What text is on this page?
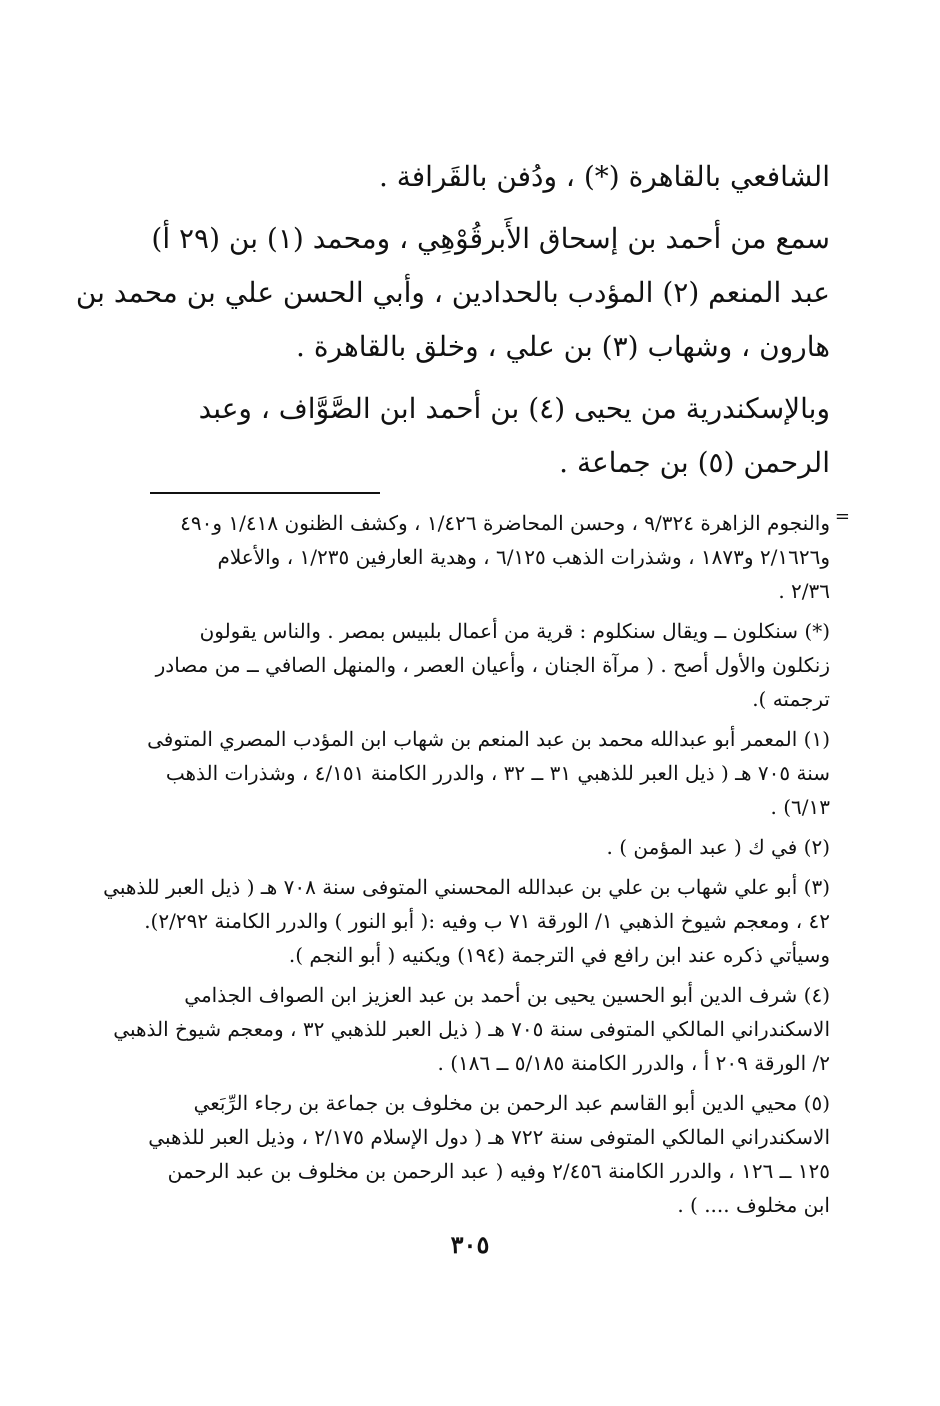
الشافعي بالقاهرة (*) ، ودُفن بالقَرافة .

سمع من أحمد بن إسحاق الأَبرقُوْهِي ، ومحمد (١) بن (٢٩ أ)

عبد المنعم (٢) المؤدب بالحدادين ، وأبي الحسن علي بن محمد بن

هارون ، وشهاب (٣) بن علي ، وخلق بالقاهرة .

وبالإسكندرية من يحيى (٤) بن أحمد ابن الصَّوَّاف ، وعبد

الرحمن (٥) بن جماعة .

=

والنجوم الزاهرة ٩/٣٢٤ ، وحسن المحاضرة ١/٤٢٦ ، وكشف الظنون ١/٤١٨ و٤٩٠

و٢/١٦٢٦ و١٨٧٣ ، وشذرات الذهب ٦/١٢٥ ، وهدية العارفين ١/٢٣٥ ، والأعلام

٢/٣٦ .

(*) سنكلون ــ ويقال سنكلوم : قرية من أعمال بلبيس بمصر . والناس يقولون

زنكلون والأول أصح . ( مرآة الجنان ، وأعيان العصر ، والمنهل الصافي ــ من مصادر

ترجمته ).

(١) المعمر أبو عبدالله محمد بن عبد المنعم بن شهاب ابن المؤدب المصري المتوفى

سنة ٧٠٥ هـ ( ذيل العبر للذهبي ٣١ ــ ٣٢ ، والدرر الكامنة ٤/١٥١ ، وشذرات الذهب

٦/١٣) .

(٢) في ك ( عبد المؤمن ) .

(٣) أبو علي شهاب بن علي بن عبدالله المحسني المتوفى سنة ٧٠٨ هـ ( ذيل العبر للذهبي

٤٢ ، ومعجم شيوخ الذهبي ١/ الورقة ٧١ ب وفيه :( أبو النور ) والدرر الكامنة ٢/٢٩٢).

وسيأتي ذكره عند ابن رافع في الترجمة (١٩٤) ويكنيه ( أبو النجم ).

(٤) شرف الدين أبو الحسين يحيى بن أحمد بن عبد العزيز ابن الصواف الجذامي

الاسكندراني المالكي المتوفى سنة ٧٠٥ هـ ( ذيل العبر للذهبي ٣٢ ، ومعجم شيوخ الذهبي

٢/ الورقة ٢٠٩ أ ، والدرر الكامنة ٥/١٨٥ ــ ١٨٦) .

(٥) محيي الدين أبو القاسم عبد الرحمن بن مخلوف بن جماعة بن رجاء الرِّبَعي

الاسكندراني المالكي المتوفى سنة ٧٢٢ هـ ( دول الإسلام ٢/١٧٥ ، وذيل العبر للذهبي

١٢٥ ــ ١٢٦ ، والدرر الكامنة ٢/٤٥٦ وفيه ( عبد الرحمن بن مخلوف بن عبد الرحمن

ابن مخلوف .... ) .

٣٠٥
